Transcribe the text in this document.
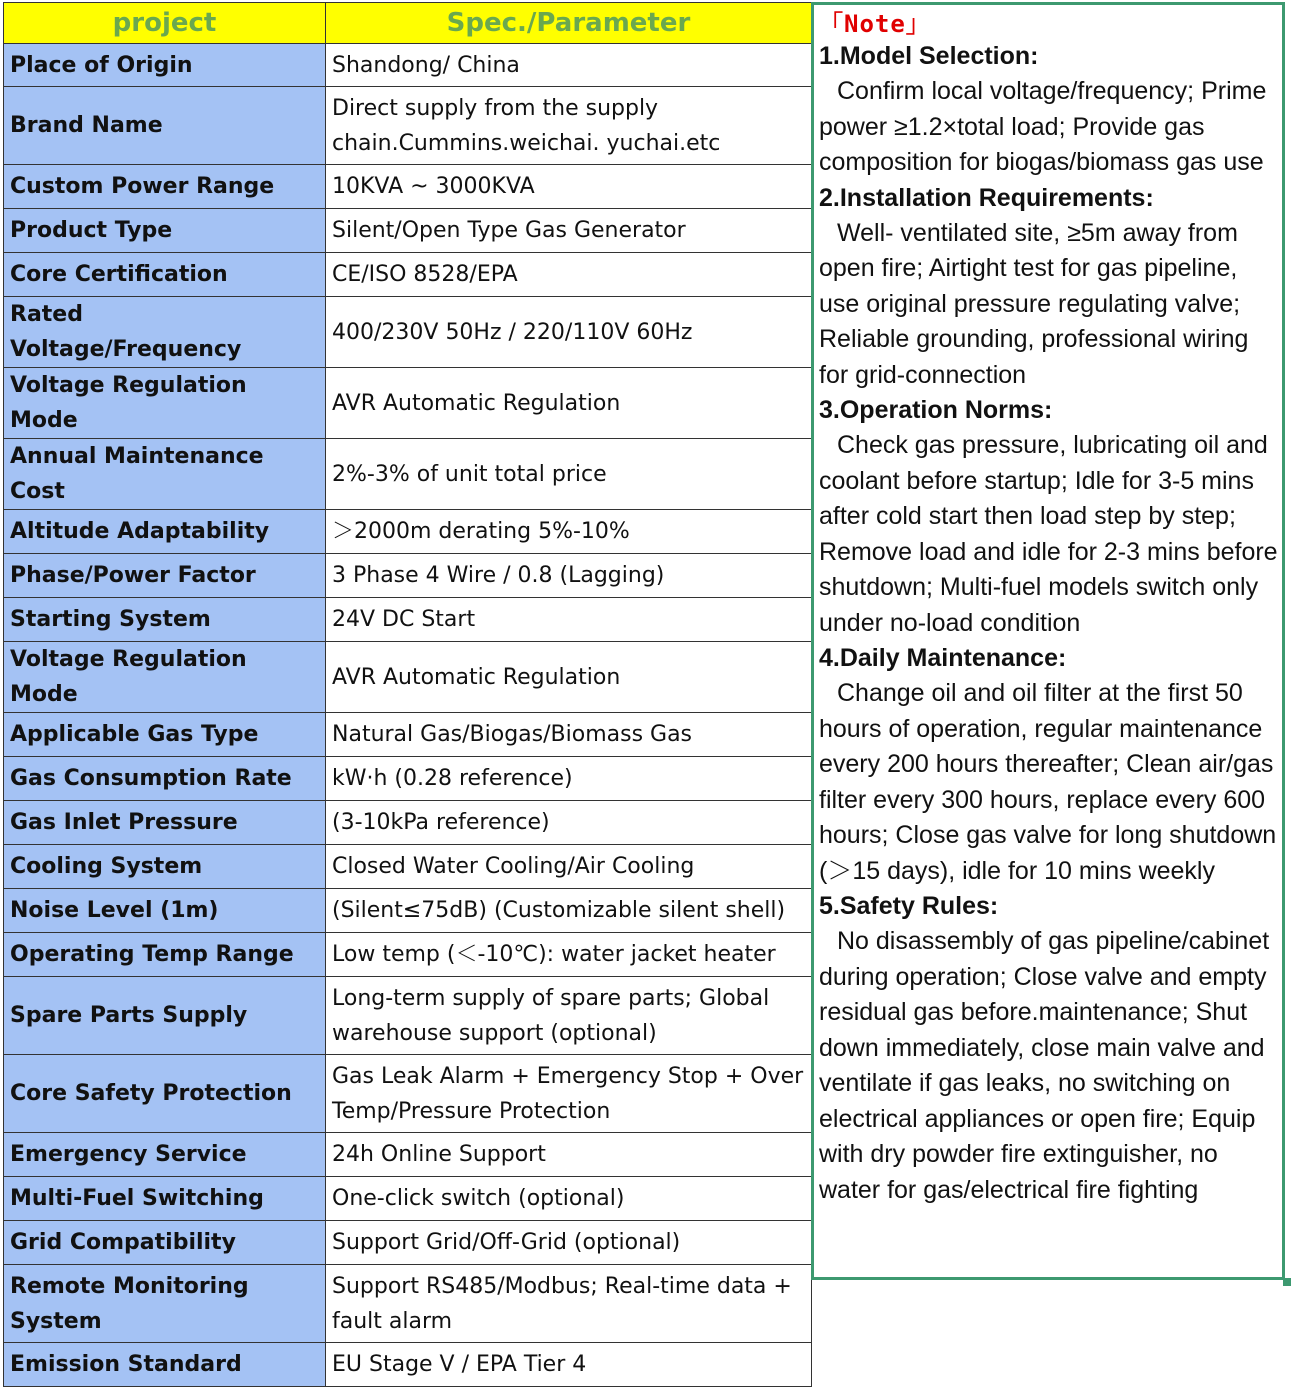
project	Spec./Parameter
Place of Origin	Shandong/ China
Brand Name	Direct supply from the supply chain.Cummins.weichai. yuchai.etc
Custom Power Range	10KVA ~ 3000KVA
Product Type	Silent/Open Type Gas Generator
Core Certification	CE/ISO 8528/EPA
Rated Voltage/Frequency	400/230V 50Hz / 220/110V 60Hz
Voltage Regulation Mode	AVR Automatic Regulation
Annual Maintenance Cost	2%-3% of unit total price
Altitude Adaptability	＞2000m derating 5%-10%
Phase/Power Factor	3 Phase 4 Wire / 0.8 (Lagging)
Starting System	24V DC Start
Voltage Regulation Mode	AVR Automatic Regulation
Applicable Gas Type	Natural Gas/Biogas/Biomass Gas
Gas Consumption Rate	kW·h (0.28 reference)
Gas Inlet Pressure	(3-10kPa reference)
Cooling System	Closed Water Cooling/Air Cooling
Noise Level (1m)	(Silent≤75dB) (Customizable silent shell)
Operating Temp Range	Low temp (＜-10℃): water jacket heater
Spare Parts Supply	Long-term supply of spare parts; Global warehouse support (optional)
Core Safety Protection	Gas Leak Alarm + Emergency Stop + Over Temp/Pressure Protection
Emergency Service	24h Online Support
Multi-Fuel Switching	One-click switch (optional)
Grid Compatibility	Support Grid/Off-Grid (optional)
Remote Monitoring System	Support RS485/Modbus; Real-time data + fault alarm
Emission Standard	EU Stage V / EPA Tier 4
「Note」
1.Model Selection:

Confirm local voltage/frequency; Prime power ≥1.2×total load; Provide gas composition for biogas/biomass gas use

2.Installation Requirements:

Well- ventilated site, ≥5m away from open fire; Airtight test for gas pipeline, use original pressure regulating valve; Reliable grounding, professional wiring for grid-connection

3.Operation Norms:

Check gas pressure, lubricating oil and coolant before startup; Idle for 3-5 mins after cold start then load step by step; Remove load and idle for 2-3 mins before shutdown; Multi-fuel models switch only under no-load condition

4.Daily Maintenance:

Change oil and oil filter at the first 50 hours of operation, regular maintenance every 200 hours thereafter; Clean air/gas filter every 300 hours, replace every 600 hours; Close gas valve for long shutdown (＞15 days), idle for 10 mins weekly

5.Safety Rules:

No disassembly of gas pipeline/cabinet during operation; Close valve and empty residual gas before.maintenance; Shut down immediately, close main valve and ventilate if gas leaks, no switching on electrical appliances or open fire; Equip with dry powder fire extinguisher, no water for gas/electrical fire fighting
